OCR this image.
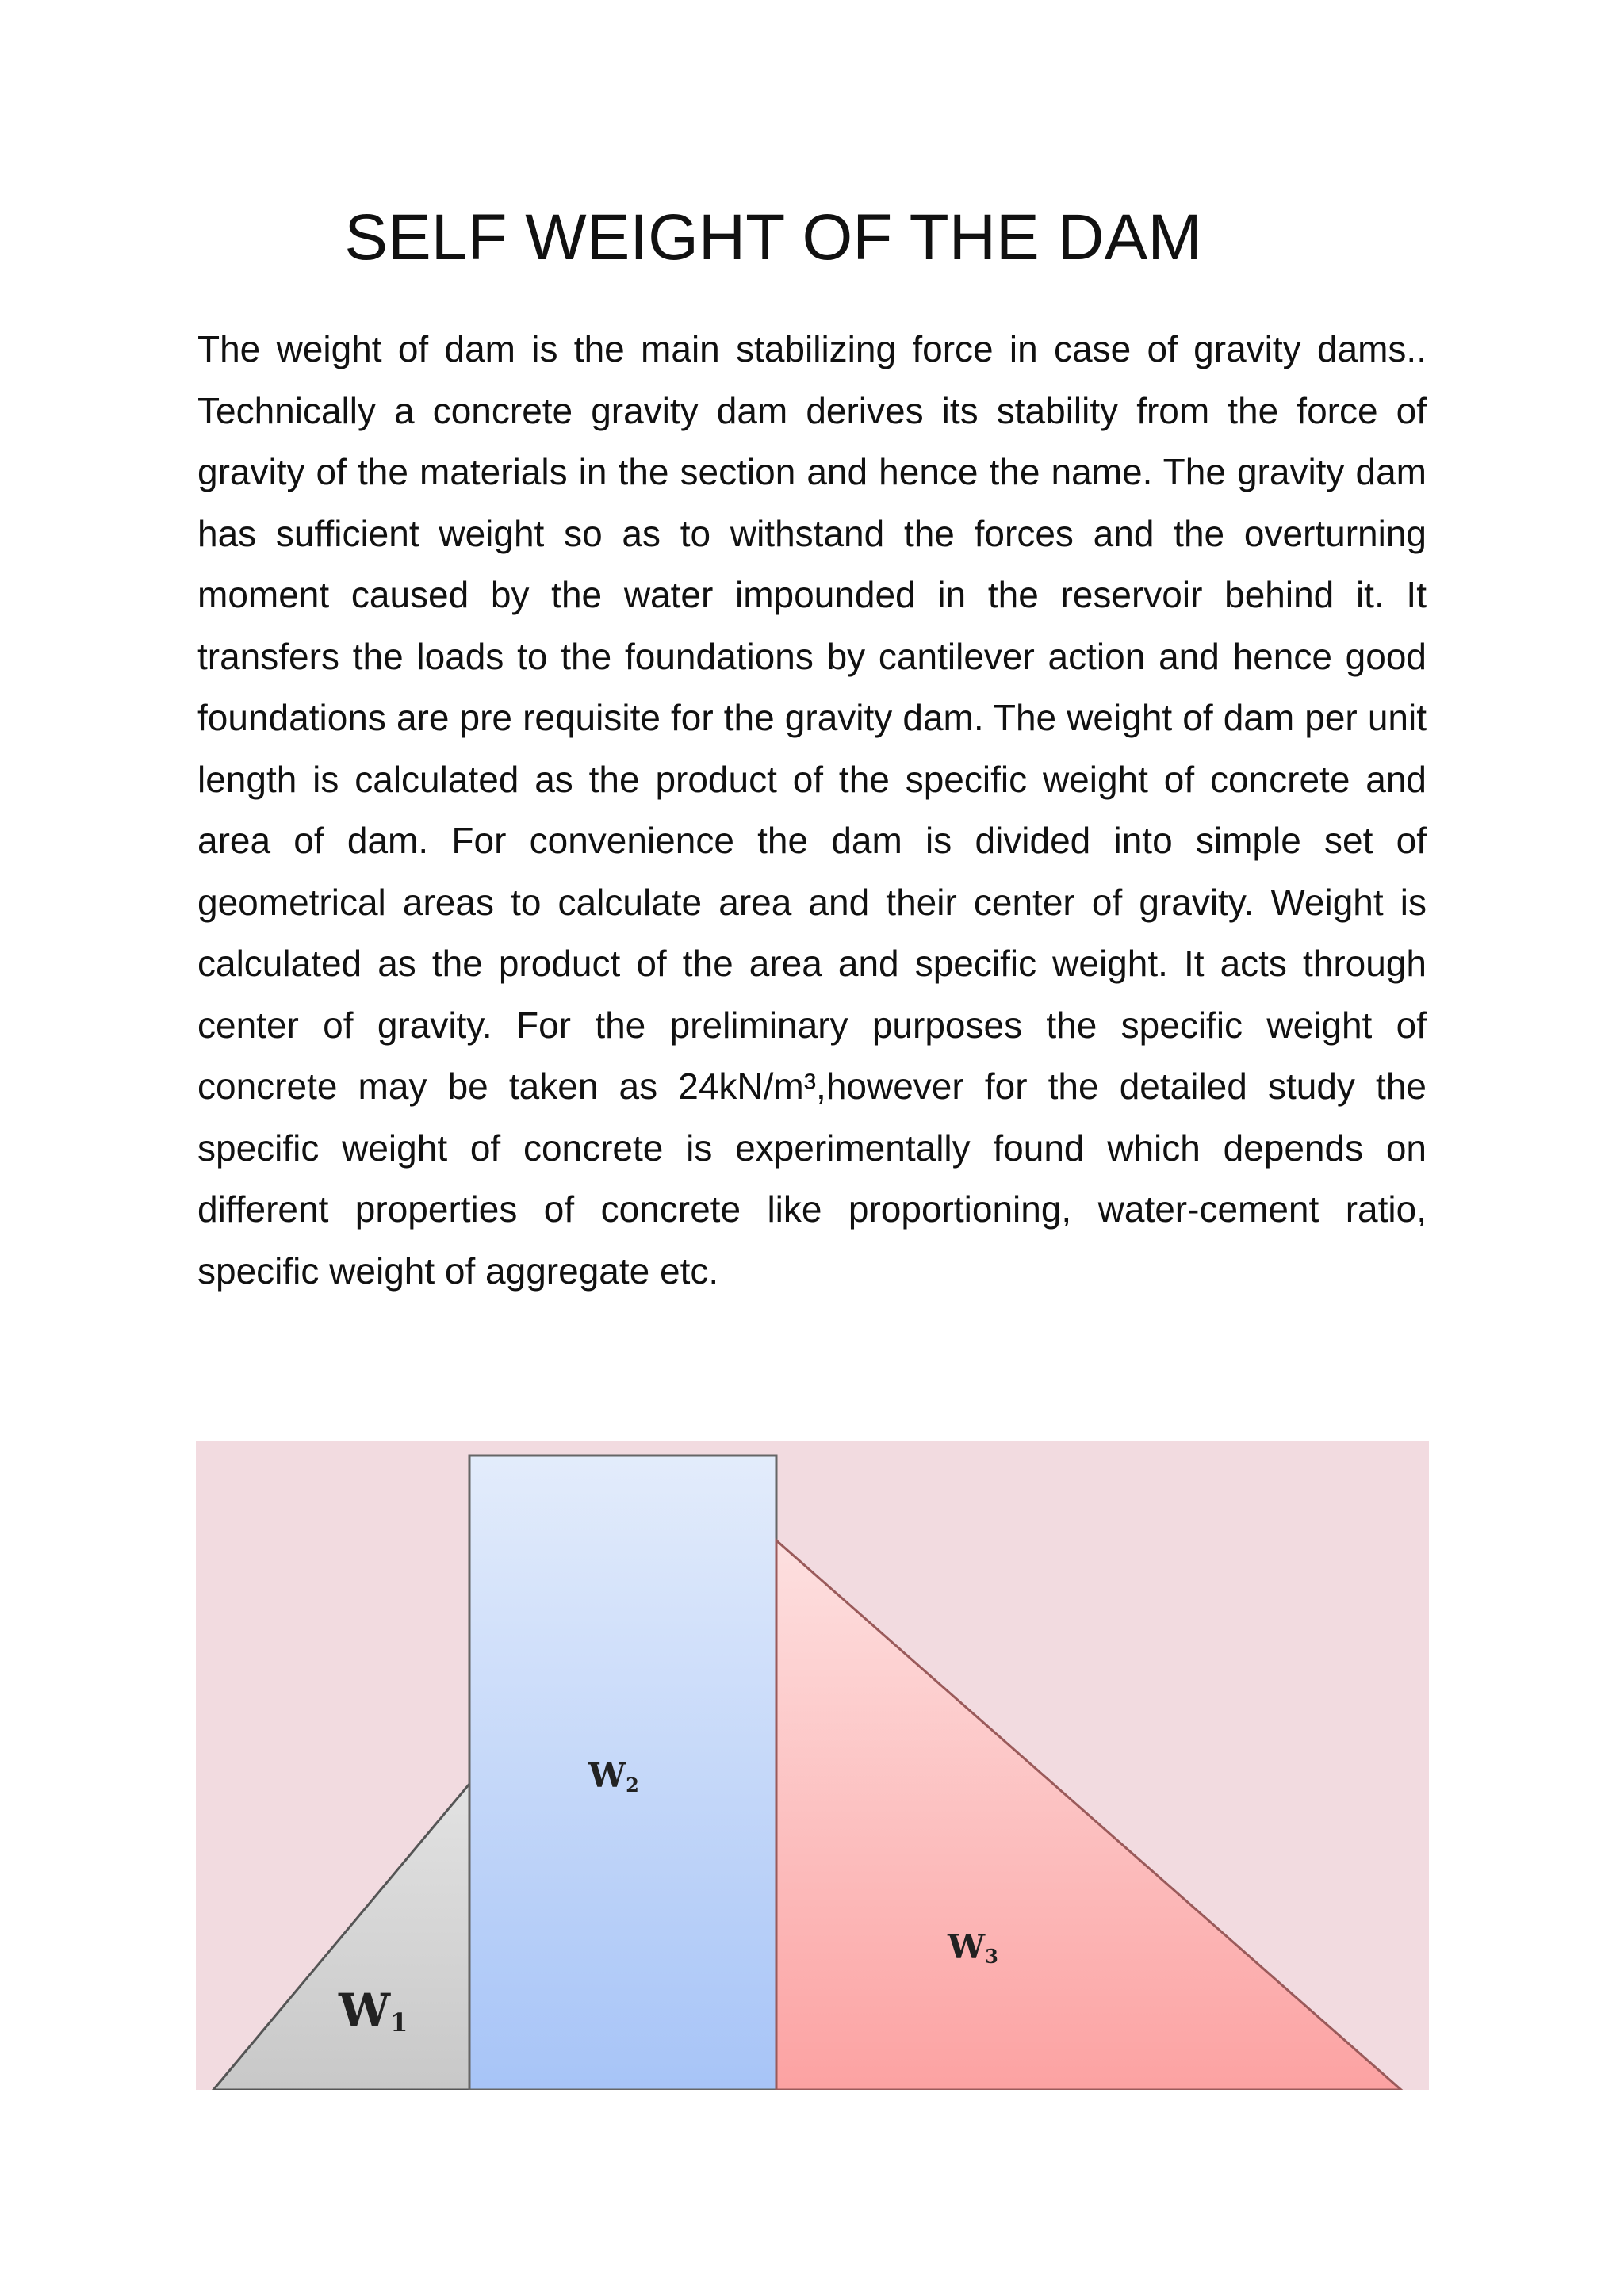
SELF WEIGHT OF THE DAM

The weight of dam is the main stabilizing force in case of gravity dams.. Technically a concrete gravity dam derives its stability from the force of gravity of the materials in the section and hence the name. The gravity dam has sufficient weight so as to withstand the forces and the overturning moment caused by the water impounded in the reservoir behind it. It transfers the loads to the foundations by cantilever action and hence good foundations are pre requisite for the gravity dam. The weight of dam per unit length is calculated as the product of the specific weight of concrete and area of dam. For convenience the dam is divided into simple set of geometrical areas to calculate area and their center of gravity. Weight is calculated as the product of the area and specific weight. It acts through center of gravity. For the preliminary purposes the specific weight of concrete may be taken as 24kN/m³,however for the detailed study the specific weight of concrete is experimentally found which depends on different properties of concrete like proportioning, water-cement ratio, specific weight of aggregate etc.

W1
W2
W3
